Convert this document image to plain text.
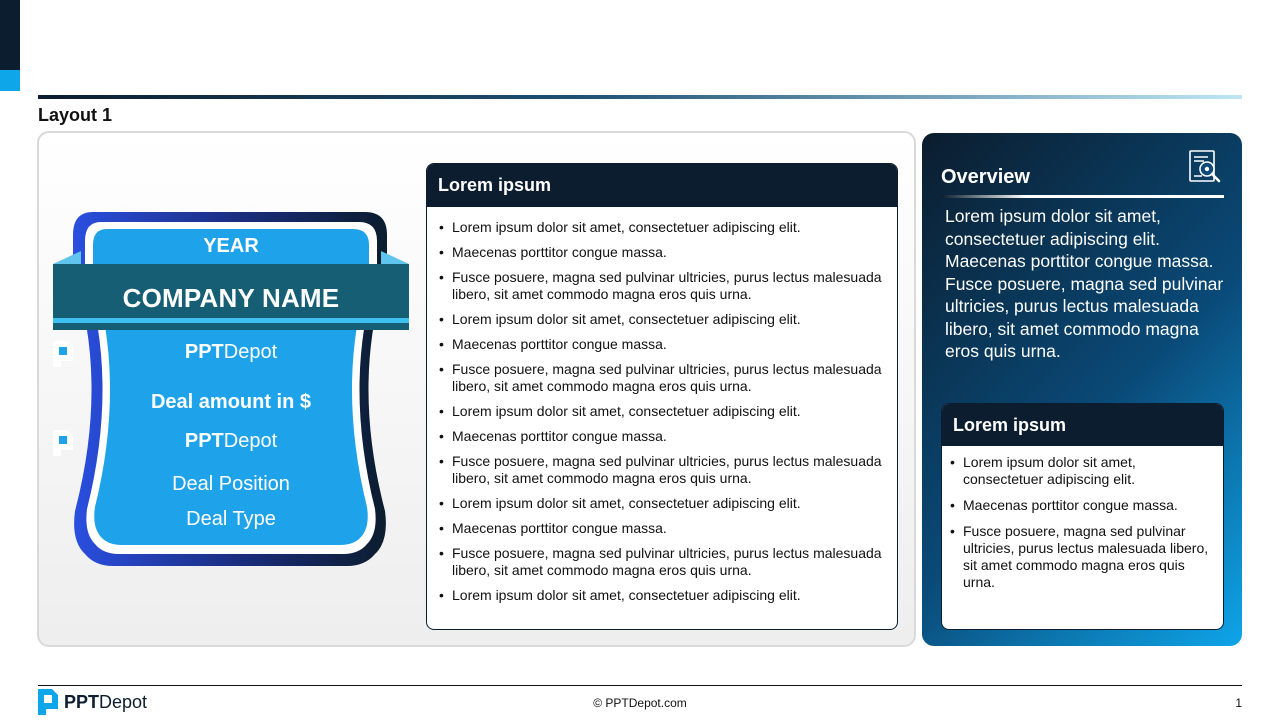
Layout 1
YEAR
COMPANY NAME
PPTDepot
Deal amount in $
PPTDepot
Deal Position
Deal Type
Lorem ipsum
• Lorem ipsum dolor sit amet, consectetuer adipiscing elit.
• Maecenas porttitor congue massa.
• Fusce posuere, magna sed pulvinar ultricies, purus lectus malesuada libero, sit amet commodo magna eros quis urna.
• Lorem ipsum dolor sit amet, consectetuer adipiscing elit.
• Maecenas porttitor congue massa.
• Fusce posuere, magna sed pulvinar ultricies, purus lectus malesuada libero, sit amet commodo magna eros quis urna.
• Lorem ipsum dolor sit amet, consectetuer adipiscing elit.
• Maecenas porttitor congue massa.
• Fusce posuere, magna sed pulvinar ultricies, purus lectus malesuada libero, sit amet commodo magna eros quis urna.
• Lorem ipsum dolor sit amet, consectetuer adipiscing elit.
• Maecenas porttitor congue massa.
• Fusce posuere, magna sed pulvinar ultricies, purus lectus malesuada libero, sit amet commodo magna eros quis urna.
• Lorem ipsum dolor sit amet, consectetuer adipiscing elit.
Overview
Lorem ipsum dolor sit amet, consectetuer adipiscing elit. Maecenas porttitor congue massa. Fusce posuere, magna sed pulvinar ultricies, purus lectus malesuada libero, sit amet commodo magna eros quis urna.
Lorem ipsum
• Lorem ipsum dolor sit amet, consectetuer adipiscing elit.
• Maecenas porttitor congue massa.
• Fusce posuere, magna sed pulvinar ultricies, purus lectus malesuada libero, sit amet commodo magna eros quis urna.
PPTDepot	© PPTDepot.com	1
